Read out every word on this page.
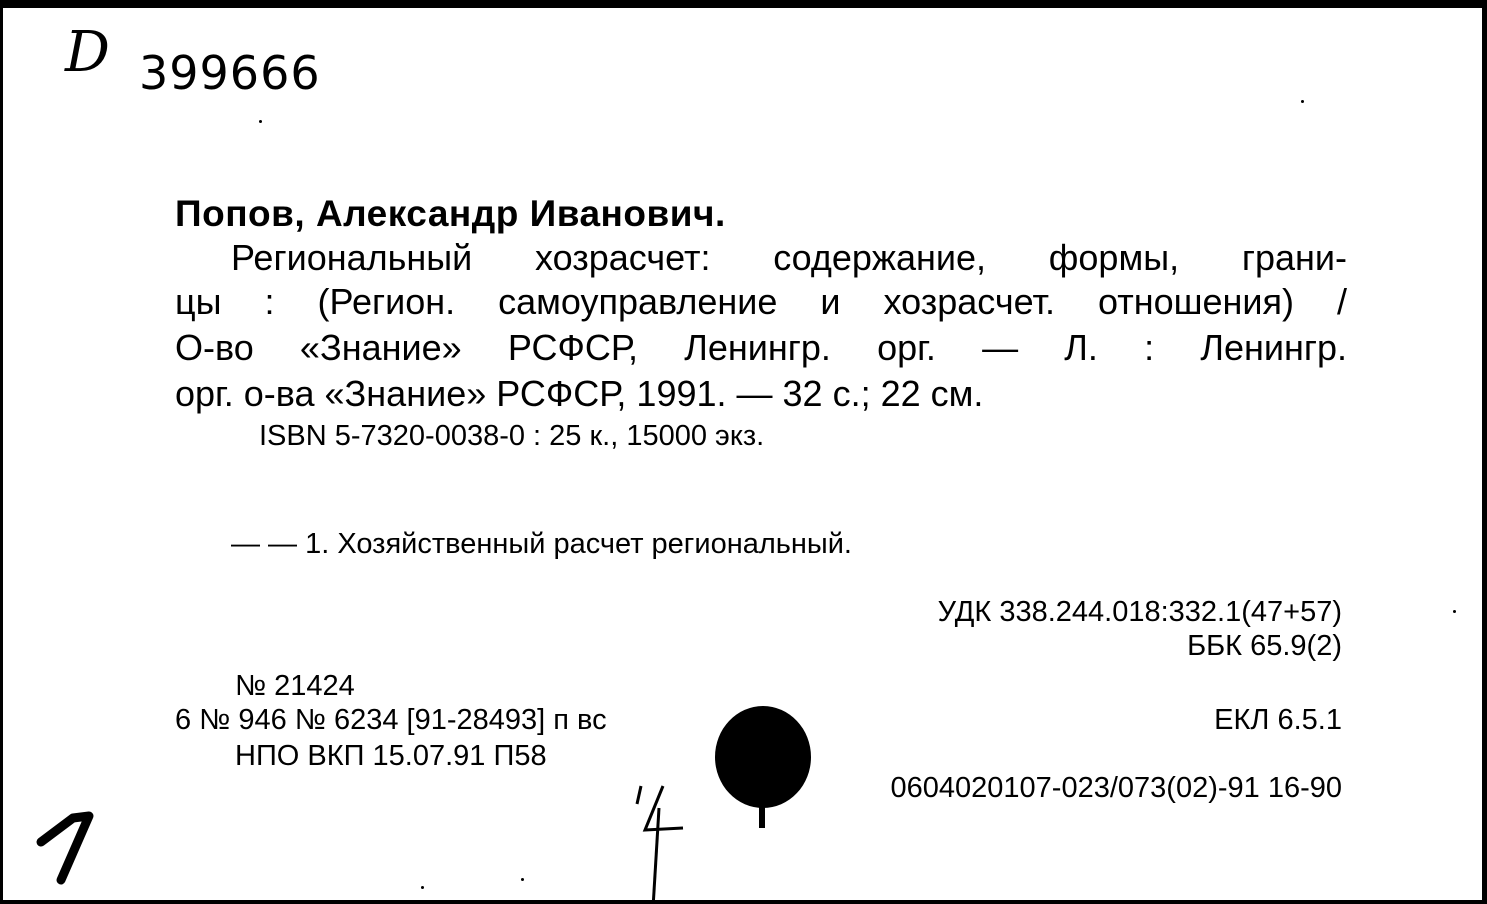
D 399666
Попов, Александр Иванович.
Региональный хозрасчет: содержание, формы, грани-
цы : (Регион. самоуправление и хозрасчет. отношения) /
О-во «Знание» РСФСР, Ленингр. орг. — Л. : Ленингр.
орг. о-ва «Знание» РСФСР, 1991. — 32 с.; 22 см.
ISBN 5-7320-0038-0 : 25 к., 15000 экз.
— — 1. Хозяйственный расчет региональный.
УДК 338.244.018:332.1(47+57)
ББК 65.9(2)
ЕКЛ 6.5.1
0604020107-023/073(02)-91 16-90
№ 21424
6 № 946 № 6234 [91-28493] п вс
НПО ВКП 15.07.91 П58
